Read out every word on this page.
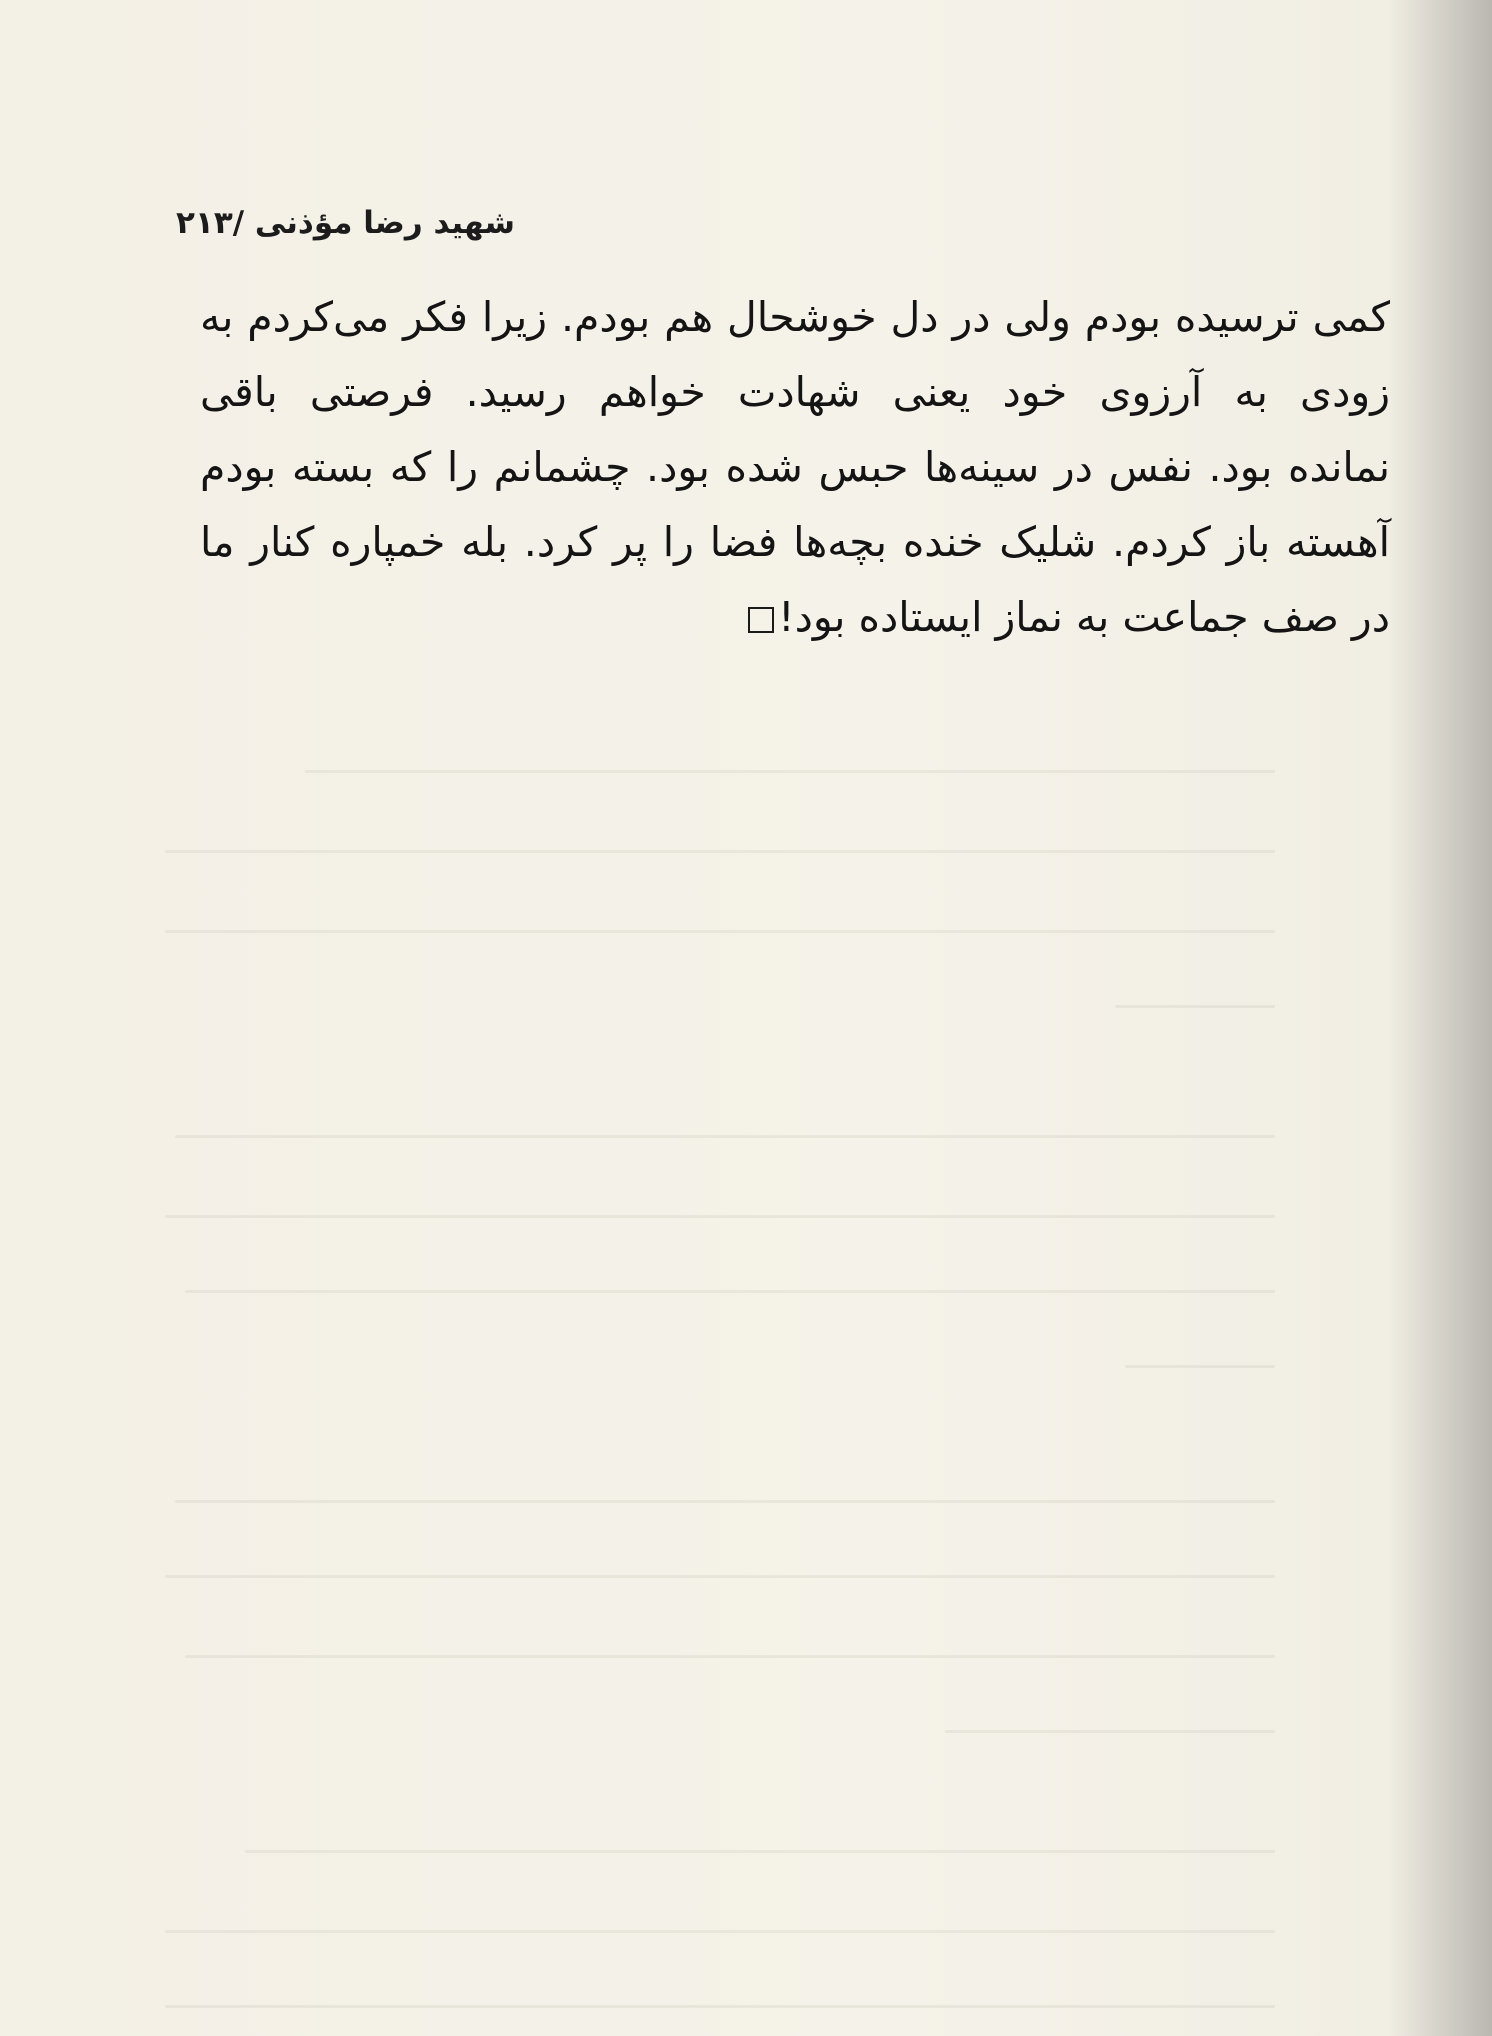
شهید رضا مؤذنی /۲۱۳
کمی ترسیده بودم ولی در دل خوشحال هم بودم. زیرا فکر می‌کردم به
زودی به آرزوی خود یعنی شهادت خواهم رسید. فرصتی باقی
نمانده بود. نفس در سینه‌ها حبس شده بود. چشمانم را که بسته بودم
آهسته باز کردم. شلیک خنده بچه‌ها فضا را پر کرد. بله خمپاره کنار ما
در صف جماعت به نماز ایستاده بود!
